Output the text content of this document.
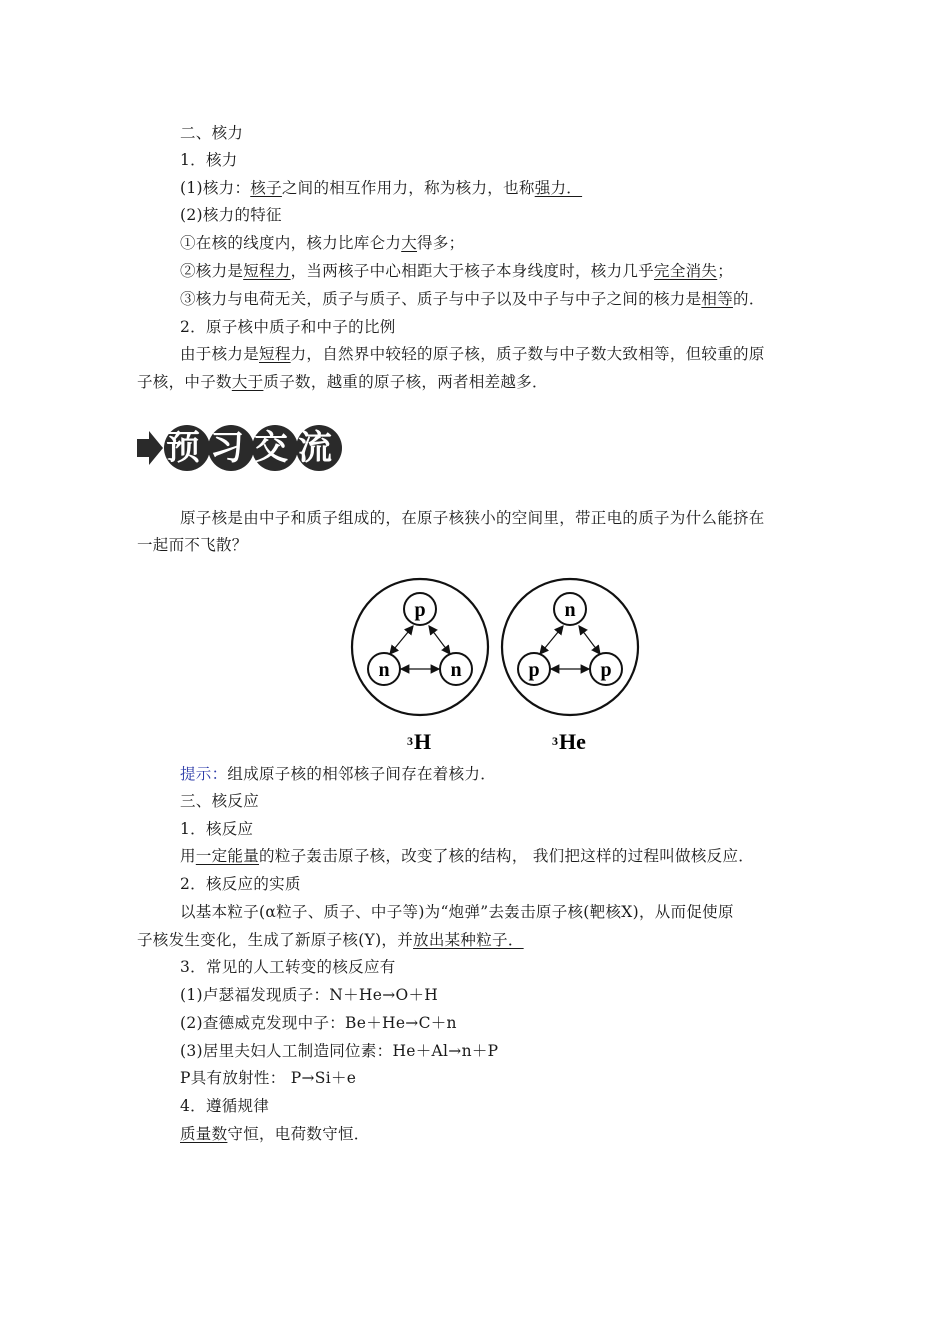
二、核力
1．核力
(1)核力：核子之间的相互作用力，称为核力，也称强力．
(2)核力的特征
①在核的线度内，核力比库仑力大得多；
②核力是短程力，当两核子中心相距大于核子本身线度时，核力几乎完全消失；
③核力与电荷无关，质子与质子、质子与中子以及中子与中子之间的核力是相等的．
2．原子核中质子和中子的比例
由于核力是短程力，自然界中较轻的原子核，质子数与中子数大致相等，但较重的原
子核，中子数大于质子数，越重的原子核，两者相差越多．
预习交流
原子核是由中子和质子组成的，在原子核狭小的空间里，带正电的质子为什么能挤在
一起而不飞散？
p
n	n
3 H
n
p	p
3 He
提示：组成原子核的相邻核子间存在着核力．
三、核反应
1．核反应
用一定能量的粒子轰击原子核，改变了核的结构， 我们把这样的过程叫做核反应．
2．核反应的实质
以基本粒子(α粒子、质子、中子等)为“炮弹”去轰击原子核(靶核X)，从而促使原
子核发生变化，生成了新原子核(Y)，并放出某种粒子．
3．常见的人工转变的核反应有
(1)卢瑟福发现质子：N＋He→O＋H
(2)查德威克发现中子：Be＋He→C＋n
(3)居里夫妇人工制造同位素：He＋Al→n＋P
P具有放射性： P→Si＋e
4．遵循规律
质量数守恒，电荷数守恒．
